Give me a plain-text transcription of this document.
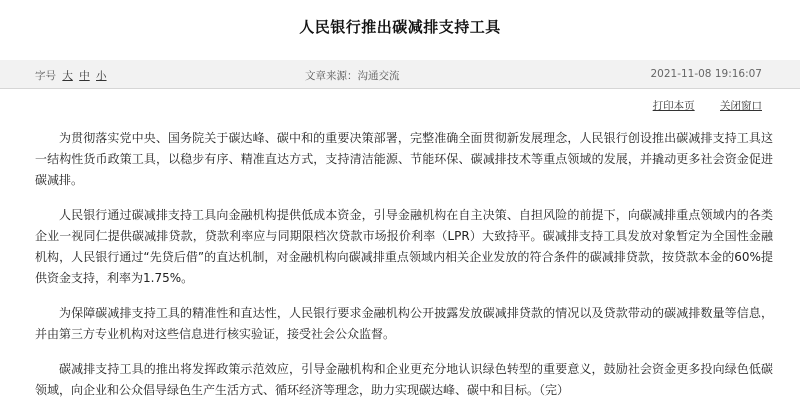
人民银行推出碳减排支持工具
字号 大 中 小	文章来源：沟通交流	2021-11-08 19:16:07
打印本页 关闭窗口

为贯彻落实党中央、国务院关于碳达峰、碳中和的重要决策部署，完整准确全面贯彻新发展理念，人民银行创设推出碳减排支持工具这一结构性货币政策工具，以稳步有序、精准直达方式，支持清洁能源、节能环保、碳减排技术等重点领域的发展，并撬动更多社会资金促进碳减排。

人民银行通过碳减排支持工具向金融机构提供低成本资金，引导金融机构在自主决策、自担风险的前提下，向碳减排重点领域内的各类企业一视同仁提供碳减排贷款，贷款利率应与同期限档次贷款市场报价利率（LPR）大致持平。碳减排支持工具发放对象暂定为全国性金融机构，人民银行通过“先贷后借”的直达机制，对金融机构向碳减排重点领域内相关企业发放的符合条件的碳减排贷款，按贷款本金的60%提供资金支持，利率为1.75%。

为保障碳减排支持工具的精准性和直达性，人民银行要求金融机构公开披露发放碳减排贷款的情况以及贷款带动的碳减排数量等信息，并由第三方专业机构对这些信息进行核实验证，接受社会公众监督。

碳减排支持工具的推出将发挥政策示范效应，引导金融机构和企业更充分地认识绿色转型的重要意义，鼓励社会资金更多投向绿色低碳领域，向企业和公众倡导绿色生产生活方式、循环经济等理念，助力实现碳达峰、碳中和目标。（完）
